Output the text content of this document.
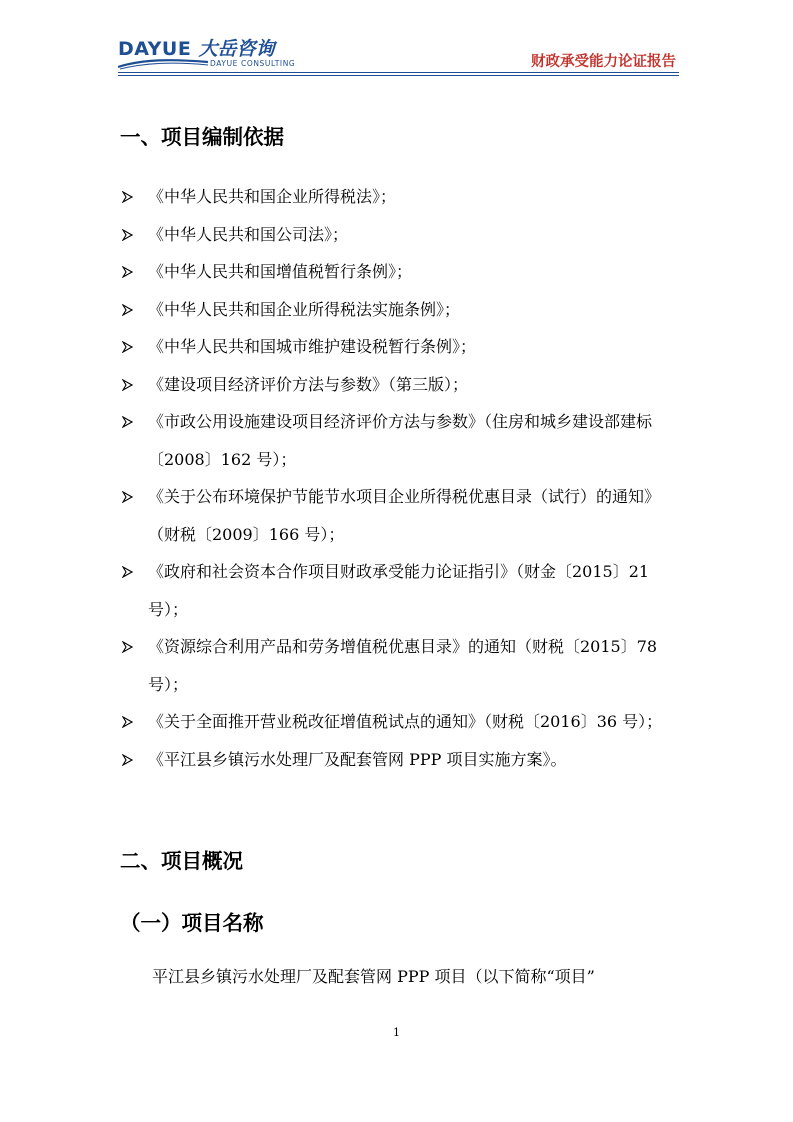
DAYUE 大岳咨询
DAYUE CONSULTING	财政承受能力论证报告
一、项目编制依据
《中华人民共和国企业所得税法》；
《中华人民共和国公司法》；
《中华人民共和国增值税暂行条例》；
《中华人民共和国企业所得税法实施条例》；
《中华人民共和国城市维护建设税暂行条例》；
《建设项目经济评价方法与参数》（第三版）；
《市政公用设施建设项目经济评价方法与参数》（住房和城乡建设部建标〔2008〕162 号）；
《关于公布环境保护节能节水项目企业所得税优惠目录（试行）的通知》（财税〔2009〕166 号）；
《政府和社会资本合作项目财政承受能力论证指引》（财金〔2015〕21 号）；
《资源综合利用产品和劳务增值税优惠目录》的通知（财税〔2015〕78 号）；
《关于全面推开营业税改征增值税试点的通知》（财税〔2016〕36 号）；
《平江县乡镇污水处理厂及配套管网 PPP 项目实施方案》。
二、项目概况
（一）项目名称
平江县乡镇污水处理厂及配套管网 PPP 项目（以下简称“项目”
1
